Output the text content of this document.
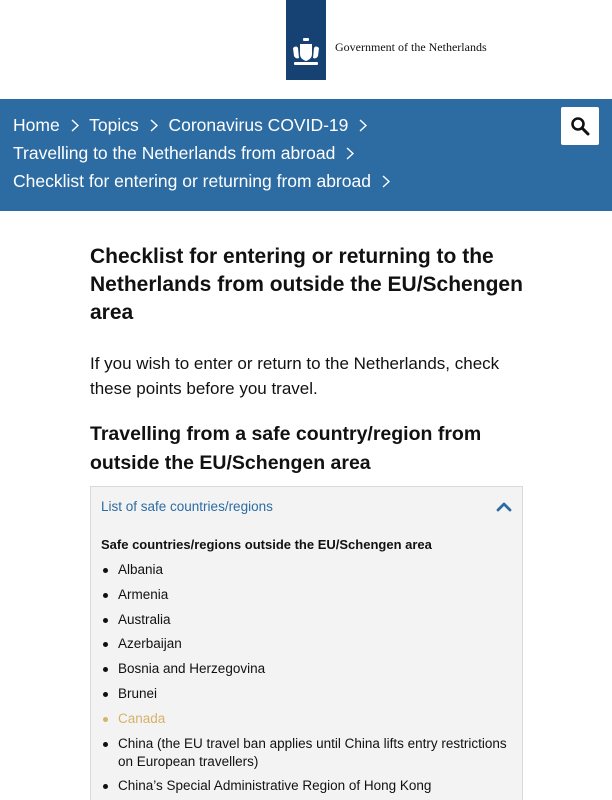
Government of the Netherlands
Home Topics Coronavirus COVID-19
Travelling to the Netherlands from abroad
Checklist for entering or returning from abroad
Checklist for entering or returning to the Netherlands from outside the EU/Schengen area

If you wish to enter or return to the Netherlands, check these points before you travel.

Travelling from a safe country/region from outside the EU/Schengen area
List of safe countries/regions
Safe countries/regions outside the EU/Schengen area
Albania
Armenia
Australia
Azerbaijan
Bosnia and Herzegovina
Brunei
Canada
China (the EU travel ban applies until China lifts entry restrictions on European travellers)
China’s Special Administrative Region of Hong Kong
